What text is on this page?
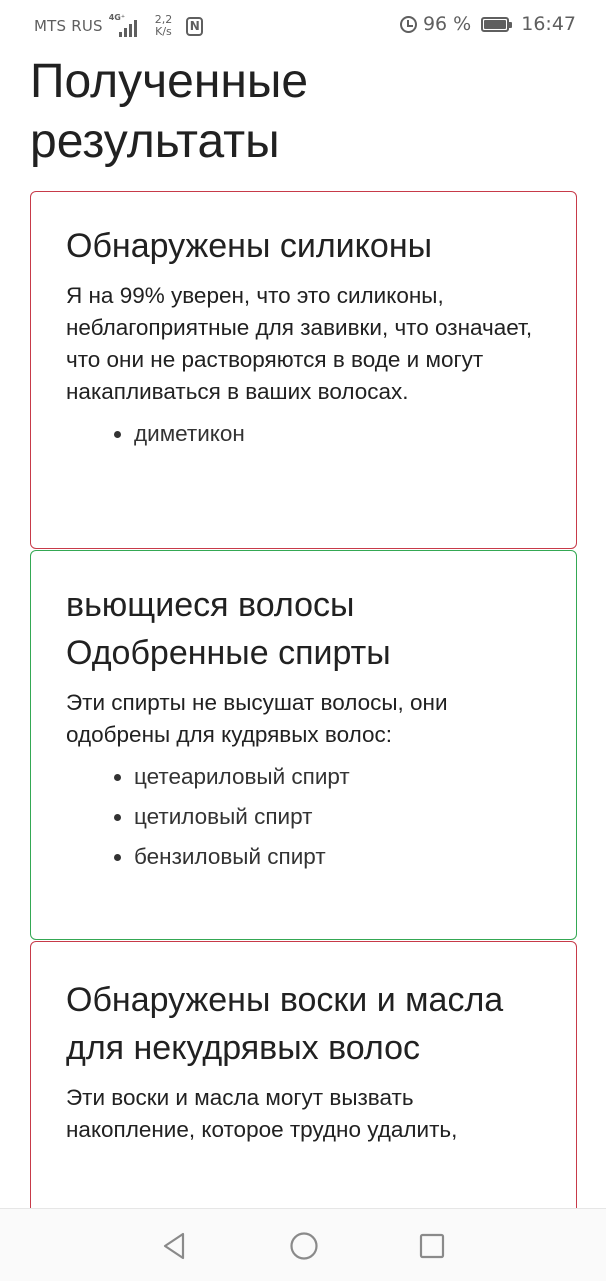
MTS RUS 4G⁺	2,2
K/s N	96 %	16:47
Полученные результаты
Обнаружены силиконы

Я на 99% уверен, что это силиконы, неблагоприятные для завивки, что означает, что они не растворяются в воде и могут накапливаться в ваших волосах.

• диметикон
вьющиеся волосы Одобренные спирты

Эти спирты не высушат волосы, они одобрены для кудрявых волос:

• цетеариловый спирт
• цетиловый спирт
• бензиловый спирт
Обнаружены воски и масла для некудрявых волос

Эти воски и масла могут вызвать накопление, которое трудно удалить,
